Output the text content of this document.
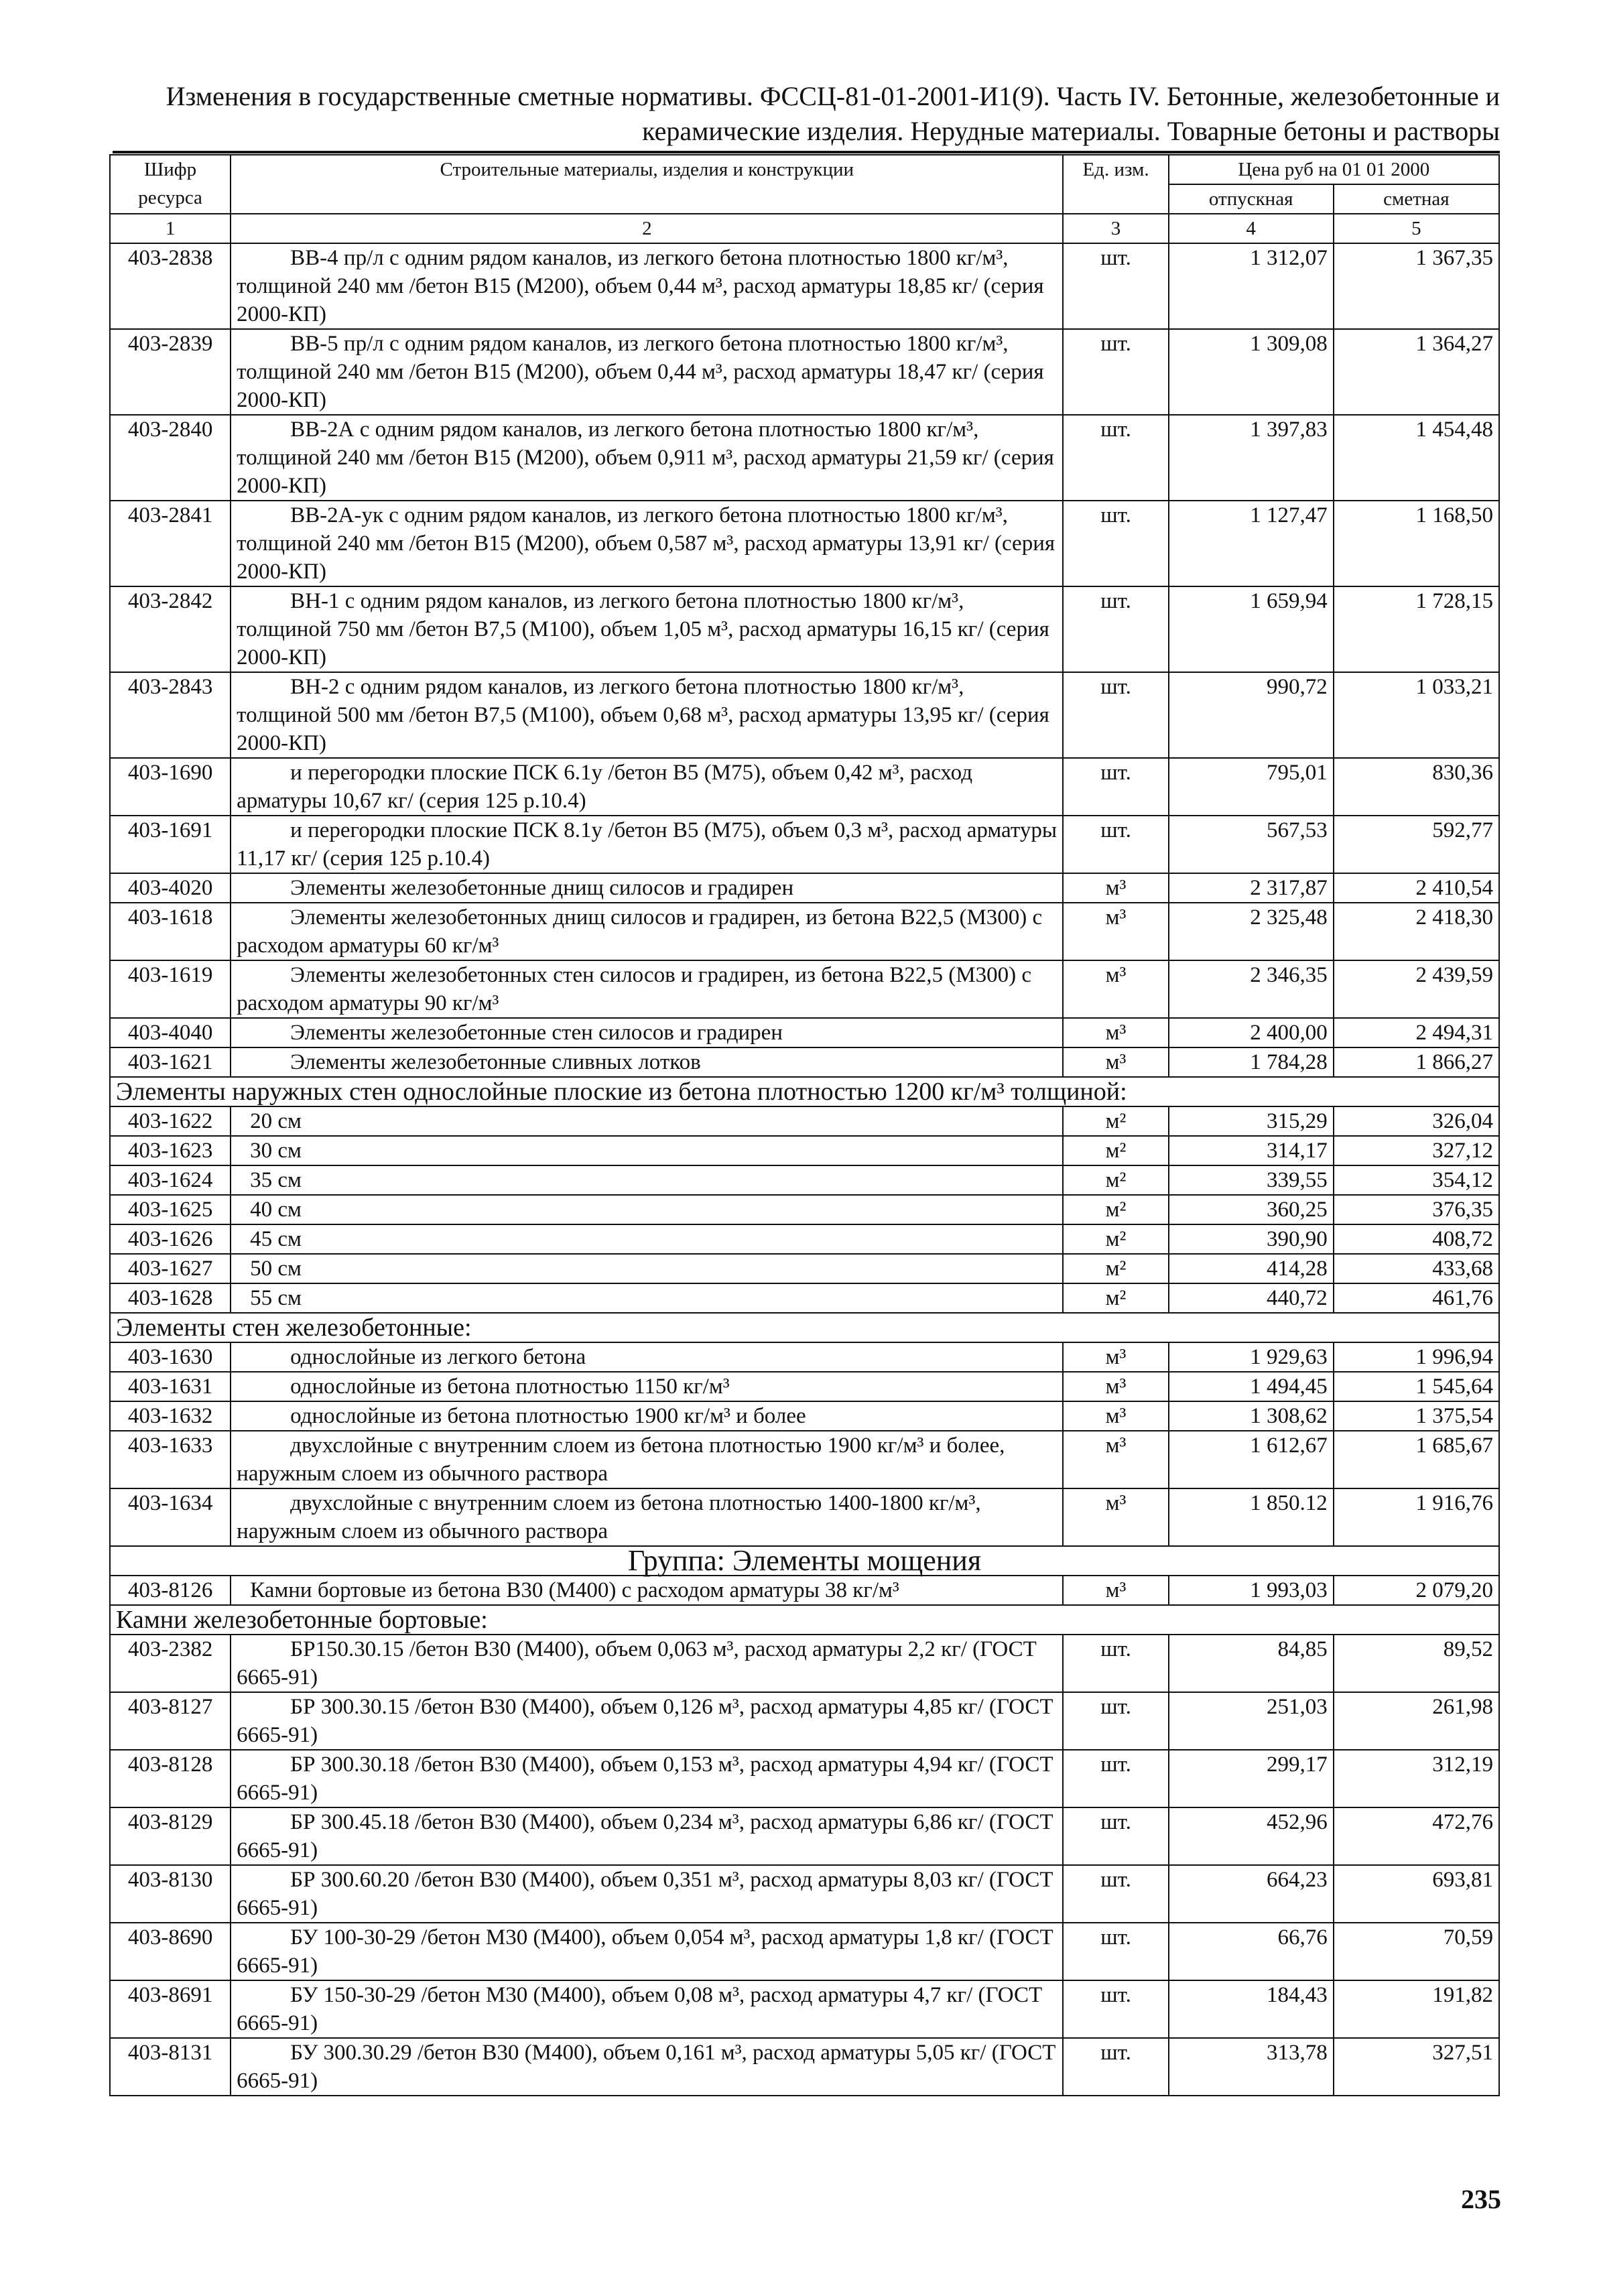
Изменения в государственные сметные нормативы. ФССЦ-81-01-2001-И1(9). Часть IV. Бетонные, железобетонные и
керамические изделия. Нерудные материалы. Товарные бетоны и растворы
Шифр ресурса	Строительные материалы, изделия и конструкции	Ед. изм.	Цена руб на 01 01 2000	
			отпускная	сметная
1	2	3	4	5
403-2838	ВВ-4 пр/л с одним рядом каналов, из легкого бетона плотностью 1800 кг/м³, толщиной 240 мм /бетон В15 (М200), объем 0,44 м³, расход арматуры 18,85 кг/ (серия 2000-КП)	шт.	1 312,07	1 367,35
403-2839	ВВ-5 пр/л с одним рядом каналов, из легкого бетона плотностью 1800 кг/м³, толщиной 240 мм /бетон В15 (М200), объем 0,44 м³, расход арматуры 18,47 кг/ (серия 2000-КП)	шт.	1 309,08	1 364,27
403-2840	ВВ-2А с одним рядом каналов, из легкого бетона плотностью 1800 кг/м³, толщиной 240 мм /бетон В15 (М200), объем 0,911 м³, расход арматуры 21,59 кг/ (серия 2000-КП)	шт.	1 397,83	1 454,48
403-2841	ВВ-2А-ук с одним рядом каналов, из легкого бетона плотностью 1800 кг/м³, толщиной 240 мм /бетон В15 (М200), объем 0,587 м³, расход арматуры 13,91 кг/ (серия 2000-КП)	шт.	1 127,47	1 168,50
403-2842	ВН-1 с одним рядом каналов, из легкого бетона плотностью 1800 кг/м³, толщиной 750 мм /бетон В7,5 (М100), объем 1,05 м³, расход арматуры 16,15 кг/ (серия 2000-КП)	шт.	1 659,94	1 728,15
403-2843	ВН-2 с одним рядом каналов, из легкого бетона плотностью 1800 кг/м³, толщиной 500 мм /бетон В7,5 (М100), объем 0,68 м³, расход арматуры 13,95 кг/ (серия 2000-КП)	шт.	990,72	1 033,21
403-1690	и перегородки плоские ПСК 6.1у /бетон В5 (М75), объем 0,42 м³, расход арматуры 10,67 кг/ (серия 125 р.10.4)	шт.	795,01	830,36
403-1691	и перегородки плоские ПСК 8.1у /бетон В5 (М75), объем 0,3 м³, расход арматуры 11,17 кг/ (серия 125 р.10.4)	шт.	567,53	592,77
403-4020	Элементы железобетонные днищ силосов и градирен	м³	2 317,87	2 410,54
403-1618	Элементы железобетонных днищ силосов и градирен, из бетона В22,5 (М300) с расходом арматуры 60 кг/м³	м³	2 325,48	2 418,30
403-1619	Элементы железобетонных стен силосов и градирен, из бетона В22,5 (М300) с расходом арматуры 90 кг/м³	м³	2 346,35	2 439,59
403-4040	Элементы железобетонные стен силосов и градирен	м³	2 400,00	2 494,31
403-1621	Элементы железобетонные сливных лотков	м³	1 784,28	1 866,27
Элементы наружных стен однослойные плоские из бетона плотностью 1200 кг/м³ толщиной:				
403-1622	20 см	м²	315,29	326,04
403-1623	30 см	м²	314,17	327,12
403-1624	35 см	м²	339,55	354,12
403-1625	40 см	м²	360,25	376,35
403-1626	45 см	м²	390,90	408,72
403-1627	50 см	м²	414,28	433,68
403-1628	55 см	м²	440,72	461,76
Элементы стен железобетонные:				
403-1630	однослойные из легкого бетона	м³	1 929,63	1 996,94
403-1631	однослойные из бетона плотностью 1150 кг/м³	м³	1 494,45	1 545,64
403-1632	однослойные из бетона плотностью 1900 кг/м³ и более	м³	1 308,62	1 375,54
403-1633	двухслойные с внутренним слоем из бетона плотностью 1900 кг/м³ и более, наружным слоем из обычного раствора	м³	1 612,67	1 685,67
403-1634	двухслойные с внутренним слоем из бетона плотностью 1400-1800 кг/м³, наружным слоем из обычного раствора	м³	1 850.12	1 916,76
Группа: Элементы мощения				
403-8126	Камни бортовые из бетона В30 (М400) с расходом арматуры 38 кг/м³	м³	1 993,03	2 079,20
Камни железобетонные бортовые:				
403-2382	БР150.30.15 /бетон В30 (М400), объем 0,063 м³, расход арматуры 2,2 кг/ (ГОСТ 6665-91)	шт.	84,85	89,52
403-8127	БР 300.30.15 /бетон В30 (М400), объем 0,126 м³, расход арматуры 4,85 кг/ (ГОСТ 6665-91)	шт.	251,03	261,98
403-8128	БР 300.30.18 /бетон В30 (М400), объем 0,153 м³, расход арматуры 4,94 кг/ (ГОСТ 6665-91)	шт.	299,17	312,19
403-8129	БР 300.45.18 /бетон В30 (М400), объем 0,234 м³, расход арматуры 6,86 кг/ (ГОСТ 6665-91)	шт.	452,96	472,76
403-8130	БР 300.60.20 /бетон В30 (М400), объем 0,351 м³, расход арматуры 8,03 кг/ (ГОСТ 6665-91)	шт.	664,23	693,81
403-8690	БУ 100-30-29 /бетон М30 (М400), объем 0,054 м³, расход арматуры 1,8 кг/ (ГОСТ 6665-91)	шт.	66,76	70,59
403-8691	БУ 150-30-29 /бетон М30 (М400), объем 0,08 м³, расход арматуры 4,7 кг/ (ГОСТ 6665-91)	шт.	184,43	191,82
403-8131	БУ 300.30.29 /бетон В30 (М400), объем 0,161 м³, расход арматуры 5,05 кг/ (ГОСТ 6665-91)	шт.	313,78	327,51
235
